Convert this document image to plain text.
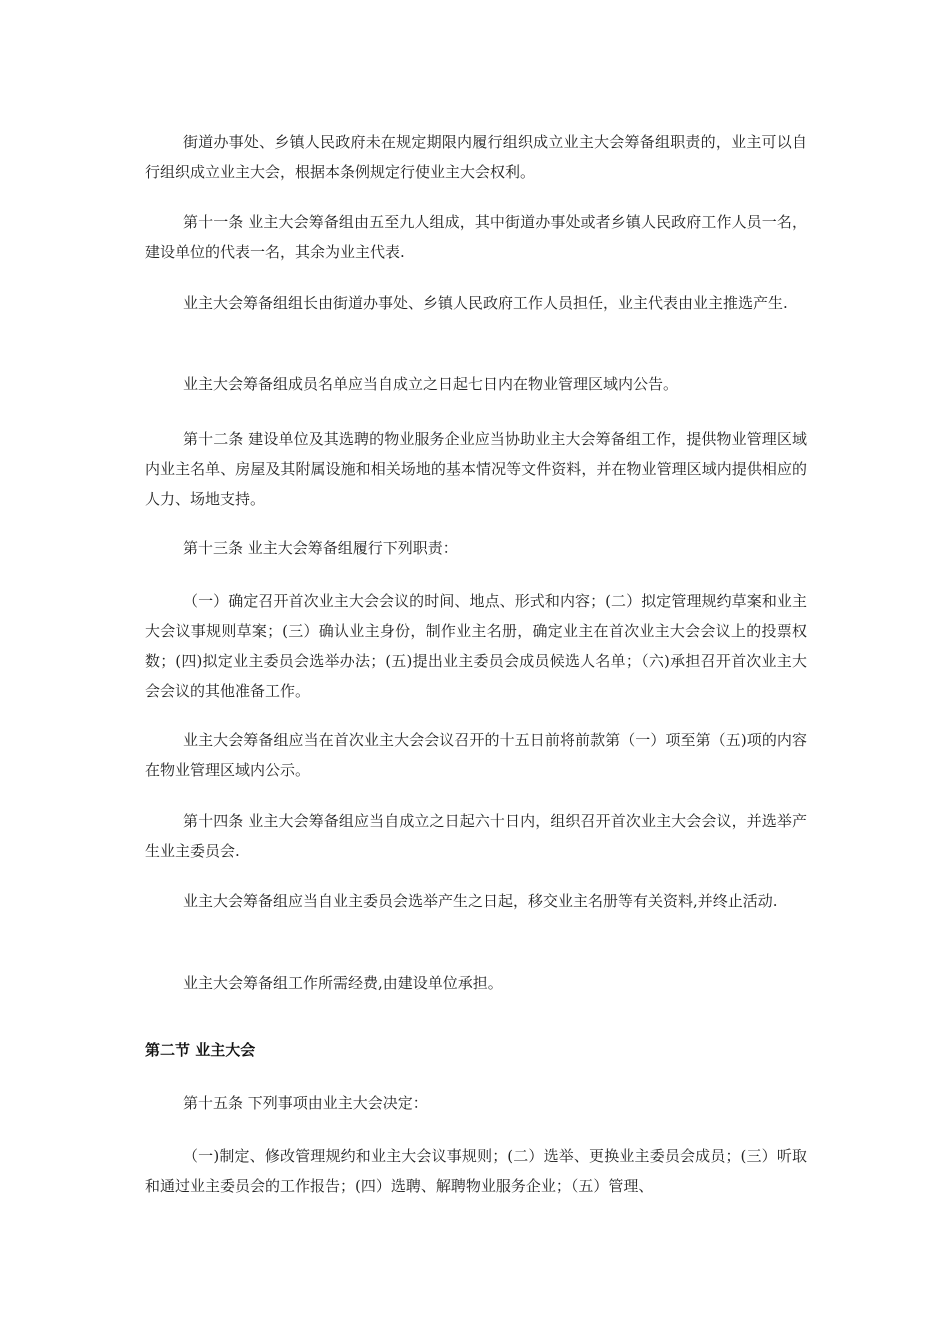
街道办事处、乡镇人民政府未在规定期限内履行组织成立业主大会筹备组职责的，业主可以自行组织成立业主大会，根据本条例规定行使业主大会权利。

第十一条 业主大会筹备组由五至九人组成，其中街道办事处或者乡镇人民政府工作人员一名，建设单位的代表一名，其余为业主代表.

业主大会筹备组组长由街道办事处、乡镇人民政府工作人员担任，业主代表由业主推选产生.

业主大会筹备组成员名单应当自成立之日起七日内在物业管理区域内公告。

第十二条 建设单位及其选聘的物业服务企业应当协助业主大会筹备组工作，提供物业管理区域内业主名单、房屋及其附属设施和相关场地的基本情况等文件资料，并在物业管理区域内提供相应的人力、场地支持。

第十三条 业主大会筹备组履行下列职责：

（一）确定召开首次业主大会会议的时间、地点、形式和内容；(二）拟定管理规约草案和业主大会议事规则草案；(三）确认业主身份，制作业主名册，确定业主在首次业主大会会议上的投票权数；(四)拟定业主委员会选举办法；(五)提出业主委员会成员候选人名单；（六)承担召开首次业主大会会议的其他准备工作。

业主大会筹备组应当在首次业主大会会议召开的十五日前将前款第（一）项至第（五)项的内容在物业管理区域内公示。

第十四条 业主大会筹备组应当自成立之日起六十日内，组织召开首次业主大会会议，并选举产生业主委员会.

业主大会筹备组应当自业主委员会选举产生之日起，移交业主名册等有关资料,并终止活动.

业主大会筹备组工作所需经费,由建设单位承担。

第二节 业主大会

第十五条 下列事项由业主大会决定：

（一)制定、修改管理规约和业主大会议事规则；(二）选举、更换业主委员会成员；(三）听取和通过业主委员会的工作报告；(四）选聘、解聘物业服务企业；（五）管理、
